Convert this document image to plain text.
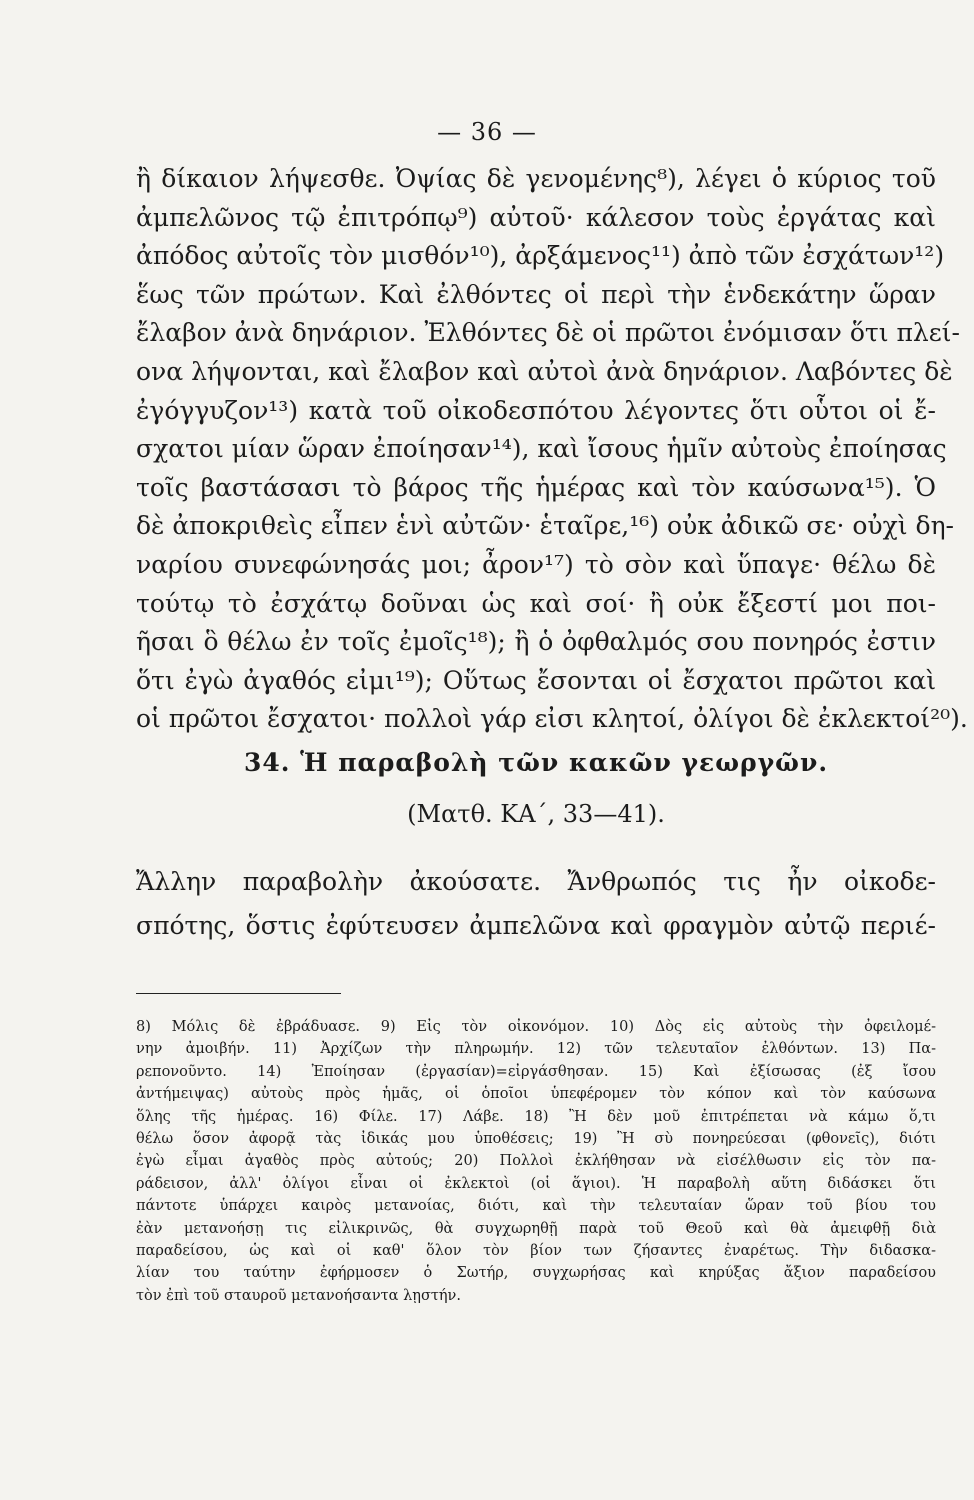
— 36 —
ἢ δίκαιον λήψεσθε. Ὀψίας δὲ γενομένης⁸), λέγει ὁ κύριος τοῦ
ἀμπελῶνος τῷ ἐπιτρόπῳ⁹) αὐτοῦ· κάλεσον τοὺς ἐργάτας καὶ
ἀπόδος αὐτοῖς τὸν μισθόν¹⁰), ἀρξάμενος¹¹) ἀπὸ τῶν ἐσχάτων¹²)
ἕως τῶν πρώτων. Καὶ ἐλθόντες οἱ περὶ τὴν ἑνδεκάτην ὥραν
ἔλαβον ἀνὰ δηνάριον. Ἐλθόντες δὲ οἱ πρῶτοι ἐνόμισαν ὅτι πλεί-
ονα λήψονται, καὶ ἔλαβον καὶ αὐτοὶ ἀνὰ δηνάριον. Λαβόντες δὲ
ἐγόγγυζον¹³) κατὰ τοῦ οἰκοδεσπότου λέγοντες ὅτι οὗτοι οἱ ἔ-
σχατοι μίαν ὥραν ἐποίησαν¹⁴), καὶ ἴσους ἡμῖν αὐτοὺς ἐποίησας
τοῖς βαστάσασι τὸ βάρος τῆς ἡμέρας καὶ τὸν καύσωνα¹⁵). Ὁ
δὲ ἀποκριθεὶς εἶπεν ἑνὶ αὐτῶν· ἑταῖρε,¹⁶) οὐκ ἀδικῶ σε· οὐχὶ δη-
ναρίου συνεφώνησάς μοι; ἆρον¹⁷) τὸ σὸν καὶ ὕπαγε· θέλω δὲ
τούτῳ τὸ ἐσχάτῳ δοῦναι ὡς καὶ σοί· ἢ οὐκ ἔξεστί μοι ποι-
ῆσαι ὃ θέλω ἐν τοῖς ἐμοῖς¹⁸); ἢ ὁ ὀφθαλμός σου πονηρός ἐστιν
ὅτι ἐγὼ ἀγαθός εἰμι¹⁹); Οὕτως ἔσονται οἱ ἔσχατοι πρῶτοι καὶ
οἱ πρῶτοι ἔσχατοι· πολλοὶ γάρ εἰσι κλητοί, ὀλίγοι δὲ ἐκλεκτοί²⁰).
34. Ἡ παραβολὴ τῶν κακῶν γεωργῶν.
(Ματθ. ΚΑ΄, 33—41).
Ἄλλην παραβολὴν ἀκούσατε. Ἄνθρωπός τις ἦν οἰκοδε-
σπότης, ὅστις ἐφύτευσεν ἀμπελῶνα καὶ φραγμὸν αὐτῷ περιέ-
8) Μόλις δὲ ἐβράδυασε. 9) Εἰς τὸν οἰκονόμον. 10) Δὸς εἰς αὐτοὺς τὴν ὀφειλομέ-
νην ἀμοιβήν. 11) Ἀρχίζων τὴν πληρωμήν. 12) τῶν τελευταῖον ἐλθόντων. 13) Πα-
ρεπονοῦντο. 14) Ἐποίησαν (ἐργασίαν)=εἰργάσθησαν. 15) Καὶ ἐξίσωσας (ἐξ ἴσου
ἀντήμειψας) αὐτοὺς πρὸς ἡμᾶς, οἱ ὁποῖοι ὑπεφέρομεν τὸν κόπον καὶ τὸν καύσωνα
ὅλης τῆς ἡμέρας. 16) Φίλε. 17) Λάβε. 18) Ἢ δὲν μοῦ ἐπιτρέπεται νὰ κάμω ὅ,τι
θέλω ὅσον ἀφορᾷ τὰς ἰδικάς μου ὑποθέσεις; 19) Ἢ σὺ πονηρεύεσαι (φθονεῖς), διότι
ἐγὼ εἶμαι ἀγαθὸς πρὸς αὐτούς; 20) Πολλοὶ ἐκλήθησαν νὰ εἰσέλθωσιν εἰς τὸν πα-
ράδεισον, ἀλλ' ὀλίγοι εἶναι οἱ ἐκλεκτοὶ (οἱ ἅγιοι). Ἡ παραβολὴ αὕτη διδάσκει ὅτι
πάντοτε ὑπάρχει καιρὸς μετανοίας, διότι, καὶ τὴν τελευταίαν ὥραν τοῦ βίου του
ἐὰν μετανοήσῃ τις εἰλικρινῶς, θὰ συγχωρηθῇ παρὰ τοῦ Θεοῦ καὶ θὰ ἀμειφθῇ διὰ
παραδείσου, ὡς καὶ οἱ καθ' ὅλον τὸν βίον των ζήσαντες ἐναρέτως. Τὴν διδασκα-
λίαν του ταύτην ἐφήρμοσεν ὁ Σωτήρ, συγχωρήσας καὶ κηρύξας ἄξιον παραδείσου
τὸν ἐπὶ τοῦ σταυροῦ μετανοήσαντα λῃστήν.
